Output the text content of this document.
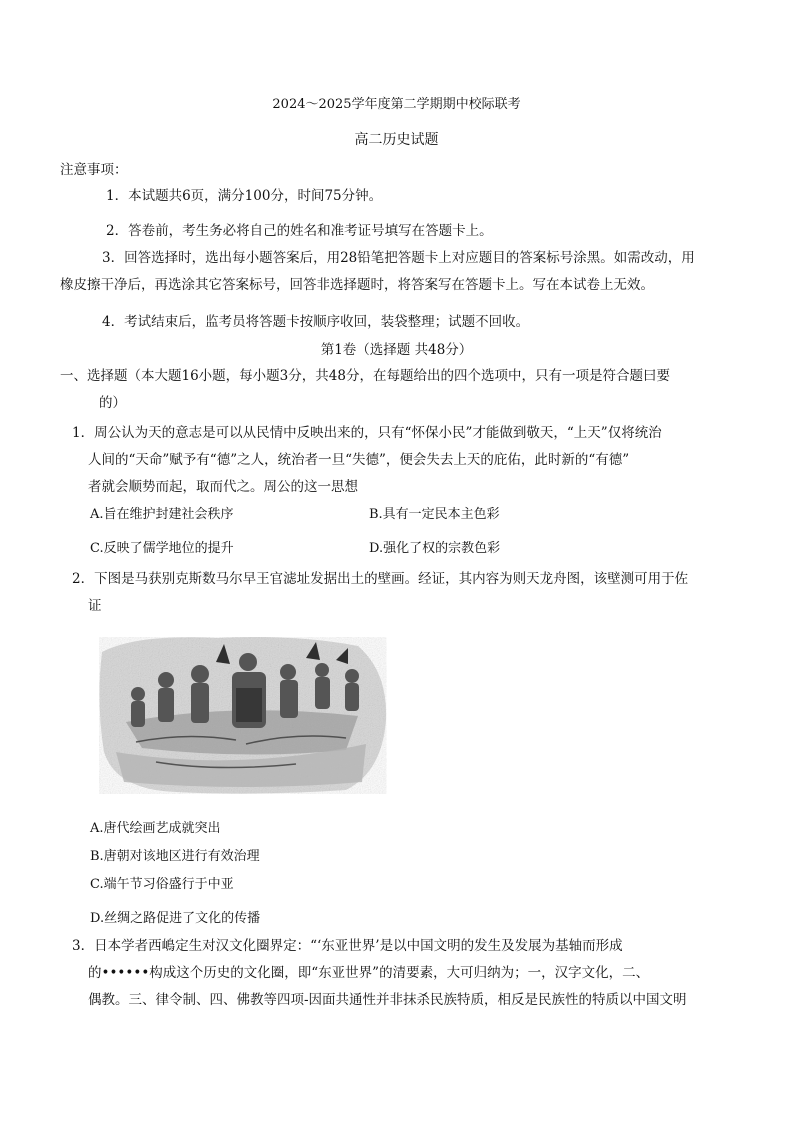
2024～2025学年度第二学期期中校际联考
高二历史试题
注意事项：
1．本试题共6页，满分100分，时间75分钟。
2．答卷前，考生务必将自己的姓名和准考证号填写在答题卡上。
3．回答选择时，选出每小题答案后，用28铅笔把答题卡上对应题目的答案标号涂黑。如需改动，用
橡皮擦干净后，再选涂其它答案标号，回答非选择题时，将答案写在答题卡上。写在本试卷上无效。
4．考试结束后，监考员将答题卡按顺序收回，装袋整理；试题不回收。
第1卷（选择题 共48分）
一、选择题（本大题16小题，每小题3分，共48分，在每题给出的四个选项中，只有一项是符合题曰要
的）
1．周公认为天的意志是可以从民情中反映出来的，只有“怀保小民”才能做到敬天，“上天”仅将统治
人间的“天命”赋予有“德”之人，统治者一旦“失德”，便会失去上天的庇佑，此时新的“有德”
者就会顺势而起，取而代之。周公的这一思想
A.旨在维护封建社会秩序	B.具有一定民本主色彩
C.反映了儒学地位的提升	D.强化了权的宗教色彩
2．下图是马获别克斯数马尔早王官滤址发据出土的壁画。经证，其内容为则天龙舟图，该壁测可用于佐
证
A.唐代绘画艺成就突出
B.唐朝对该地区进行有效治理
C.端午节习俗盛行于中亚
D.丝绸之路促进了文化的传播
3．日本学者西嶋定生对汉文化圈界定：“‘东亚世界’是以中国文明的发生及发展为基轴而形成
的••••••构成这个历史的文化圈，即“东亚世界”的清要素，大可归纳为；一，汉字文化，二、
偶教。三、律令制、四、佛教等四项-因面共通性并非抹杀民族特质，相反是民族性的特质以中国文明
